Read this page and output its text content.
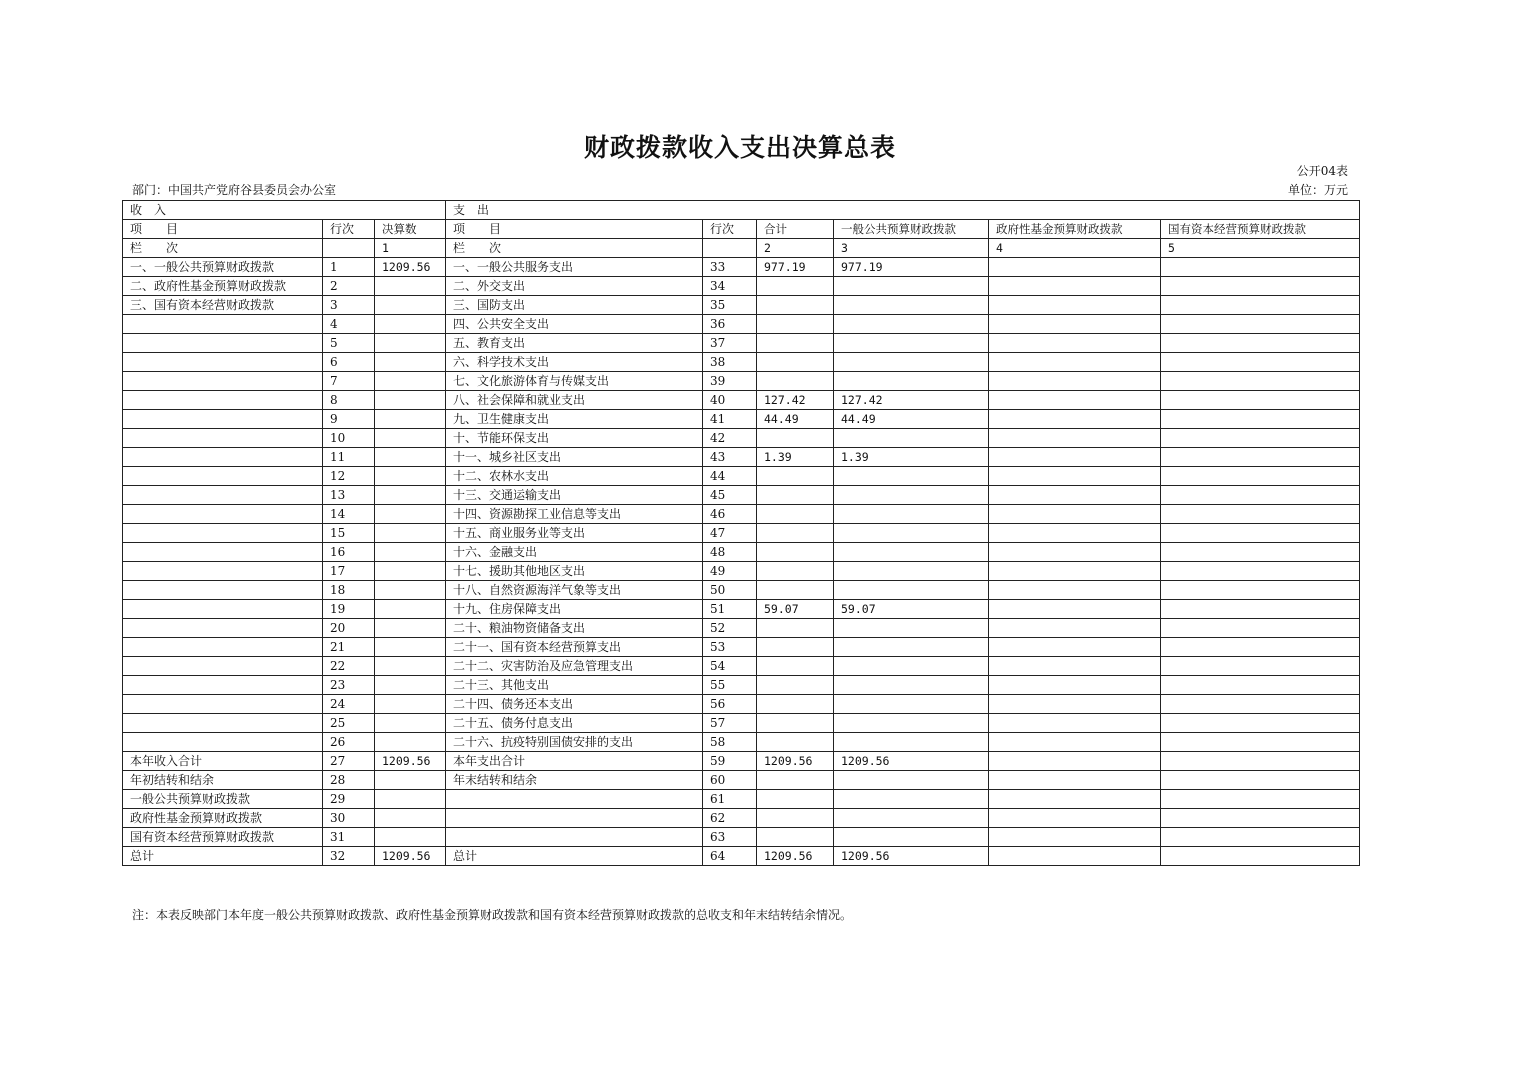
财政拨款收入支出决算总表
公开04表
部门：中国共产党府谷县委员会办公室	单位：万元
收　入			支　出					
项　　目	行次	决算数	项　　目	行次	合计	一般公共预算财政拨款	政府性基金预算财政拨款	国有资本经营预算财政拨款
栏　　次		1	栏　　次		2	3	4	5
一、一般公共预算财政拨款	1	1209.56	一、一般公共服务支出	33	977.19	977.19		
二、政府性基金预算财政拨款	2		二、外交支出	34				
三、国有资本经营财政拨款	3		三、国防支出	35				
	4		四、公共安全支出	36				
	5		五、教育支出	37				
	6		六、科学技术支出	38				
	7		七、文化旅游体育与传媒支出	39				
	8		八、社会保障和就业支出	40	127.42	127.42		
	9		九、卫生健康支出	41	44.49	44.49		
	10		十、节能环保支出	42				
	11		十一、城乡社区支出	43	1.39	1.39		
	12		十二、农林水支出	44				
	13		十三、交通运输支出	45				
	14		十四、资源勘探工业信息等支出	46				
	15		十五、商业服务业等支出	47				
	16		十六、金融支出	48				
	17		十七、援助其他地区支出	49				
	18		十八、自然资源海洋气象等支出	50				
	19		十九、住房保障支出	51	59.07	59.07		
	20		二十、粮油物资储备支出	52				
	21		二十一、国有资本经营预算支出	53				
	22		二十二、灾害防治及应急管理支出	54				
	23		二十三、其他支出	55				
	24		二十四、债务还本支出	56				
	25		二十五、债务付息支出	57				
	26		二十六、抗疫特别国债安排的支出	58				
本年收入合计	27	1209.56	本年支出合计	59	1209.56	1209.56		
年初结转和结余	28		年末结转和结余	60				
一般公共预算财政拨款	29			61				
政府性基金预算财政拨款	30			62				
国有资本经营预算财政拨款	31			63				
总计	32	1209.56	总计	64	1209.56	1209.56		
注：本表反映部门本年度一般公共预算财政拨款、政府性基金预算财政拨款和国有资本经营预算财政拨款的总收支和年末结转结余情况。
